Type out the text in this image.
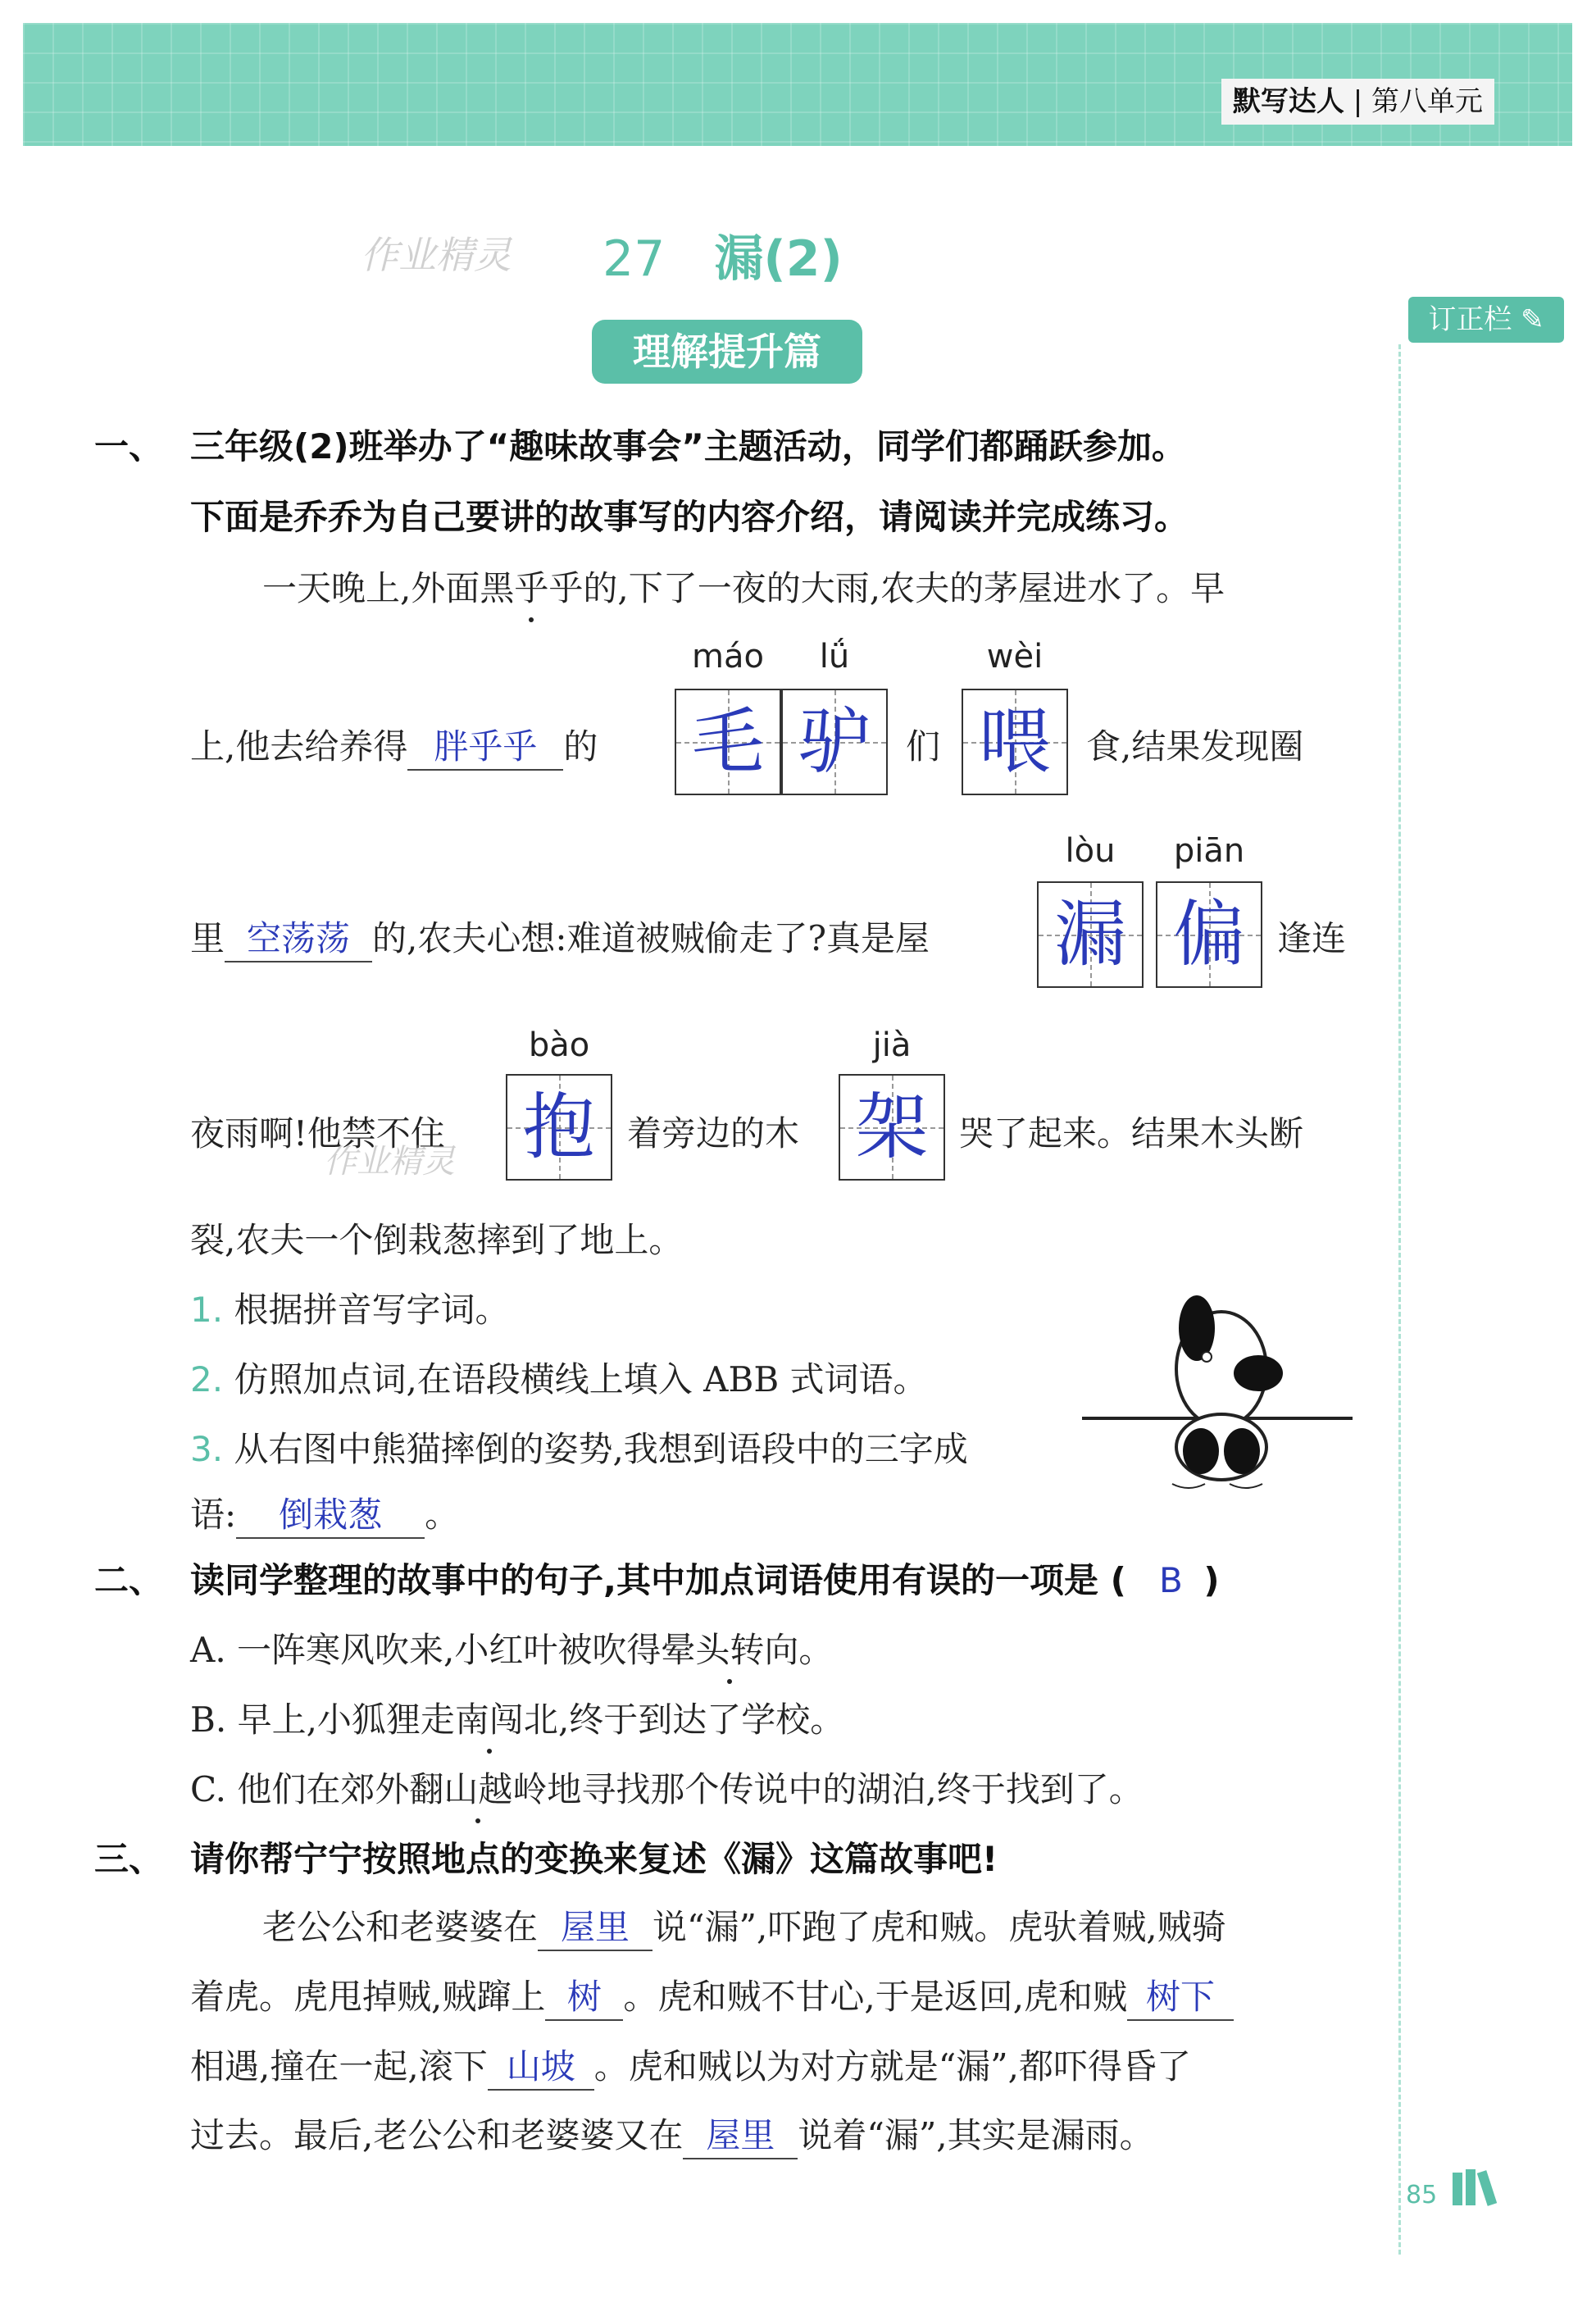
默写达人 | 第八单元
作业精灵 27 漏(2)
理解提升篇
订正栏 ✎
一、 三年级(2)班举办了“趣味故事会”主题活动，同学们都踊跃参加。
下面是乔乔为自己要讲的故事写的内容介绍，请阅读并完成练习。
一天晚上,外面黑乎乎的,下了一夜的大雨,农夫的茅屋进水了。早
máo	lǘ	wèi
上,他去给养得 胖乎乎 的 毛 驴	们 喂	食,结果发现圈
lòu	piān
里 空荡荡 的,农夫心想:难道被贼偷走了?真是屋 漏 偏 逢连
bào	jià
夜雨啊!他禁不住 抱 着旁边的木 架 哭了起来。结果木头断
作业精灵
裂,农夫一个倒栽葱摔到了地上。
1. 根据拼音写字词。
2. 仿照加点词,在语段横线上填入 ABB 式词语。
3. 从右图中熊猫摔倒的姿势,我想到语段中的三字成
语: 倒栽葱 。
二、 读同学整理的故事中的句子,其中加点词语使用有误的一项是 ( B )
A. 一阵寒风吹来,小红叶被吹得晕头转向。
B. 早上,小狐狸走南闯北,终于到达了学校。
C. 他们在郊外翻山越岭地寻找那个传说中的湖泊,终于找到了。
三、 请你帮宁宁按照地点的变换来复述《漏》这篇故事吧!
老公公和老婆婆在 屋里 说“漏”,吓跑了虎和贼。虎驮着贼,贼骑
着虎。虎甩掉贼,贼蹿上 树 。虎和贼不甘心,于是返回,虎和贼 树下
相遇,撞在一起,滚下 山坡 。虎和贼以为对方就是“漏”,都吓得昏了
过去。最后,老公公和老婆婆又在 屋里 说着“漏”,其实是漏雨。
85
